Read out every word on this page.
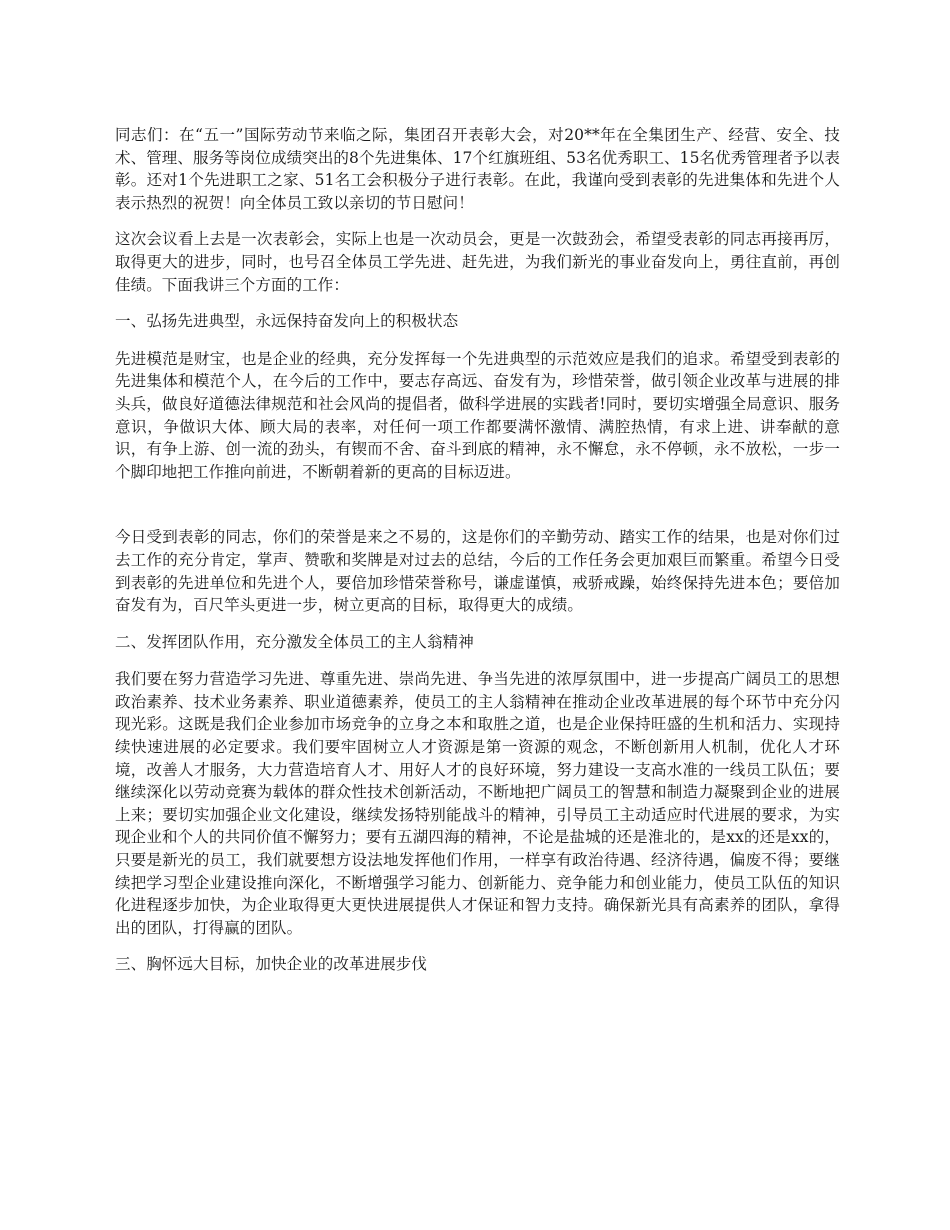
同志们：在“五一”国际劳动节来临之际，集团召开表彰大会，对20**年在全集团生产、经营、安全、技术、管理、服务等岗位成绩突出的8个先进集体、17个红旗班组、53名优秀职工、15名优秀管理者予以表彰。还对1个先进职工之家、51名工会积极分子进行表彰。在此，我谨向受到表彰的先进集体和先进个人表示热烈的祝贺！向全体员工致以亲切的节日慰问！

这次会议看上去是一次表彰会，实际上也是一次动员会，更是一次鼓劲会，希望受表彰的同志再接再厉，取得更大的进步，同时，也号召全体员工学先进、赶先进，为我们新光的事业奋发向上，勇往直前，再创佳绩。下面我讲三个方面的工作：

一、弘扬先进典型，永远保持奋发向上的积极状态

先进模范是财宝，也是企业的经典，充分发挥每一个先进典型的示范效应是我们的追求。希望受到表彰的先进集体和模范个人，在今后的工作中，要志存高远、奋发有为，珍惜荣誉，做引领企业改革与进展的排头兵，做良好道德法律规范和社会风尚的提倡者，做科学进展的实践者!同时，要切实增强全局意识、服务意识，争做识大体、顾大局的表率，对任何一项工作都要满怀激情、满腔热情，有求上进、讲奉献的意识，有争上游、创一流的劲头，有锲而不舍、奋斗到底的精神，永不懈怠，永不停顿，永不放松，一步一个脚印地把工作推向前进，不断朝着新的更高的目标迈进。

今日受到表彰的同志，你们的荣誉是来之不易的，这是你们的辛勤劳动、踏实工作的结果，也是对你们过去工作的充分肯定，掌声、赞歌和奖牌是对过去的总结，今后的工作任务会更加艰巨而繁重。希望今日受到表彰的先进单位和先进个人，要倍加珍惜荣誉称号，谦虚谨慎，戒骄戒躁，始终保持先进本色；要倍加奋发有为，百尺竿头更进一步，树立更高的目标，取得更大的成绩。

二、发挥团队作用，充分激发全体员工的主人翁精神

我们要在努力营造学习先进、尊重先进、崇尚先进、争当先进的浓厚氛围中，进一步提高广阔员工的思想政治素养、技术业务素养、职业道德素养，使员工的主人翁精神在推动企业改革进展的每个环节中充分闪现光彩。这既是我们企业参加市场竞争的立身之本和取胜之道，也是企业保持旺盛的生机和活力、实现持续快速进展的必定要求。我们要牢固树立人才资源是第一资源的观念，不断创新用人机制，优化人才环境，改善人才服务，大力营造培育人才、用好人才的良好环境，努力建设一支高水准的一线员工队伍；要继续深化以劳动竞赛为载体的群众性技术创新活动，不断地把广阔员工的智慧和制造力凝聚到企业的进展上来；要切实加强企业文化建设，继续发扬特别能战斗的精神，引导员工主动适应时代进展的要求，为实现企业和个人的共同价值不懈努力；要有五湖四海的精神，不论是盐城的还是淮北的，是xx的还是xx的，只要是新光的员工，我们就要想方设法地发挥他们作用，一样享有政治待遇、经济待遇，偏废不得；要继续把学习型企业建设推向深化，不断增强学习能力、创新能力、竞争能力和创业能力，使员工队伍的知识化进程逐步加快，为企业取得更大更快进展提供人才保证和智力支持。确保新光具有高素养的团队，拿得出的团队，打得赢的团队。

三、胸怀远大目标，加快企业的改革进展步伐
